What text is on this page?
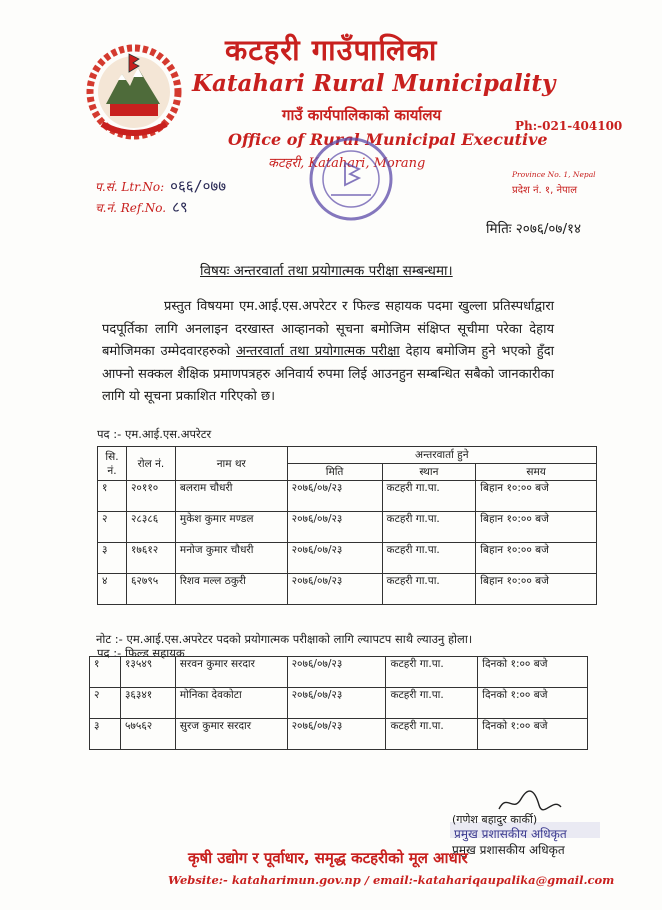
कटहरी गाउँपालिका
Katahari Rural Municipality
गाउँ कार्यपालिकाको कार्यालय
Office of Rural Municipal Executive
कटहरी, Katahari, Morang
Ph:-021-404100
Province No. 1, Nepal
प्रदेश नं. १, नेपाल
प.सं. Ltr.No: ०६६/०७७
च.नं. Ref.No. ८९
मितिः २०७६/०७/१४
विषयः अन्तरवार्ता तथा प्रयोगात्मक परीक्षा सम्बन्धमा।
प्रस्तुत विषयमा एम.आई.एस.अपरेटर र फिल्ड सहायक पदमा खुल्ला प्रतिस्पर्धाद्वारा पदपूर्तिका लागि अनलाइन दरखास्त आव्हानको सूचना बमोजिम संक्षिप्त सूचीमा परेका देहाय बमोजिमका उम्मेदवारहरुको अन्तरवार्ता तथा प्रयोगात्मक परीक्षा देहाय बमोजिम हुने भएको हुँदा आफ्नो सक्कल शैक्षिक प्रमाणपत्रहरु अनिवार्य रुपमा लिई आउनहुन सम्बन्धित सबैको जानकारीका लागि यो सूचना प्रकाशित गरिएको छ।
पद :- एम.आई.एस.अपरेटर
सि. नं.	रोल नं.	नाम थर	अन्तरवार्ता हुने		
			मिति	स्थान	समय
१	२०११०	बलराम चौधरी	२०७६/०७/२३	कटहरी गा.पा.	बिहान १०:०० बजे
२	२८३८६	मुकेश कुमार मण्डल	२०७६/०७/२३	कटहरी गा.पा.	बिहान १०:०० बजे
३	१७६१२	मनोज कुमार चौधरी	२०७६/०७/२३	कटहरी गा.पा.	बिहान १०:०० बजे
४	६२७९५	रिशव मल्ल ठकुरी	२०७६/०७/२३	कटहरी गा.पा.	बिहान १०:०० बजे
नोट :- एम.आई.एस.अपरेटर पदको प्रयोगात्मक परीक्षाको लागि ल्यापटप साथै ल्याउनु होला।
पद :- फिल्ड सहायक
१	१३५४९	सरवन कुमार सरदार	२०७६/०७/२३	कटहरी गा.पा.	दिनको १:०० बजे
२	३६३४१	मोनिका देवकोटा	२०७६/०७/२३	कटहरी गा.पा.	दिनको १:०० बजे
३	५७५६२	सुरज कुमार सरदार	२०७६/०७/२३	कटहरी गा.पा.	दिनको १:०० बजे
(गणेश बहादुर कार्की)
प्रमुख प्रशासकीय अधिकृत
प्रमुख प्रशासकीय अधिकृत
कृषी उद्योग र पूर्वाधार, समृद्ध कटहरीको मूल आधार
Website:- kataharimun.gov.np / email:-katahariqaupalika@gmail.com
